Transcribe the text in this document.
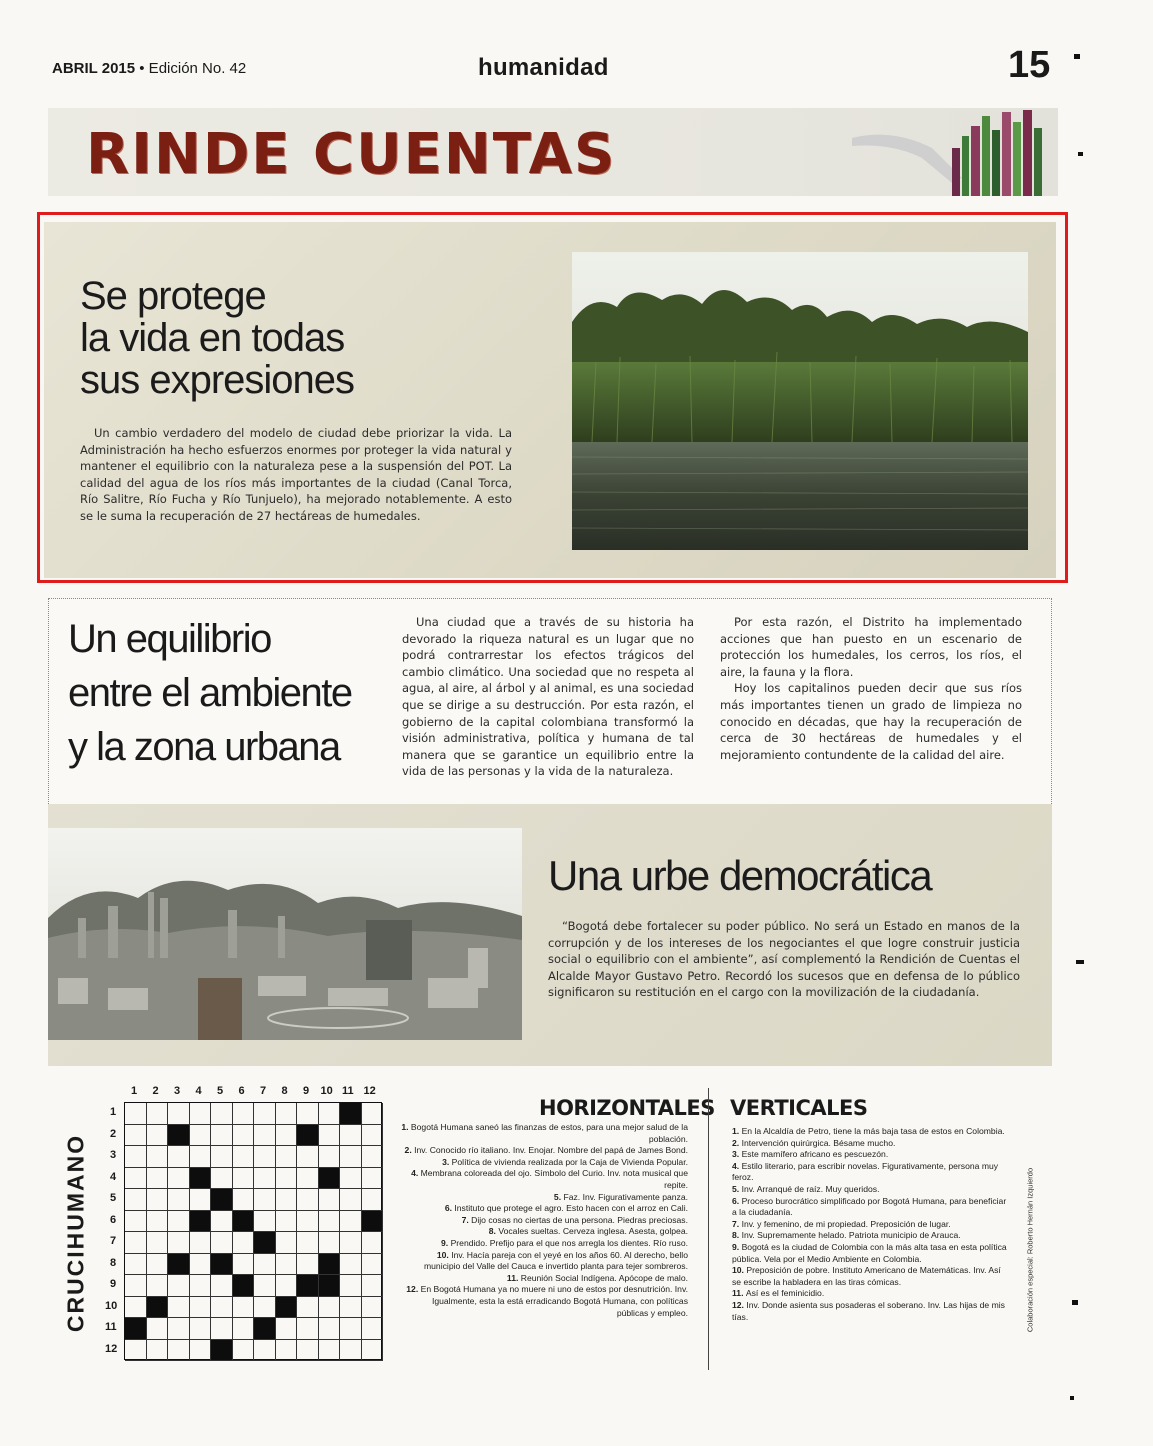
ABRIL 2015 • Edición No. 42	humanidad	15
RINDE CUENTAS
Se protege
la vida en todas
sus expresiones

Un cambio verdadero del modelo de ciudad debe priorizar la vida. La Administración ha hecho esfuerzos enormes por proteger la vida natural y mantener el equilibrio con la naturaleza pese a la suspensión del POT. La calidad del agua de los ríos más importantes de la ciudad (Canal Torca, Río Salitre, Río Fucha y Río Tunjuelo), ha mejorado notablemente. A esto se le suma la recuperación de 27 hectáreas de humedales.

Un equilibrio
entre el ambiente
y la zona urbana

Una ciudad que a través de su historia ha devorado la riqueza natural es un lugar que no podrá contrarrestar los efectos trágicos del cambio climático. Una sociedad que no respeta al agua, al aire, al árbol y al animal, es una sociedad que se dirige a su destrucción. Por esta razón, el gobierno de la capital colombiana transformó la visión administrativa, política y humana de tal manera que se garantice un equilibrio entre la vida de las personas y la vida de la naturaleza.

Por esta razón, el Distrito ha implementado acciones que han puesto en un escenario de protección los humedales, los cerros, los ríos, el aire, la fauna y la flora.

Hoy los capitalinos pueden decir que sus ríos más importantes tienen un grado de limpieza no conocido en décadas, que hay la recuperación de cerca de 30 hectáreas de humedales y el mejoramiento contundente de la calidad del aire.

Una urbe democrática

“Bogotá debe fortalecer su poder público. No será un Estado en manos de la corrupción y de los intereses de los negociantes el que logre construir justicia social o equilibrio con el ambiente”, así complementó la Rendición de Cuentas el Alcalde Mayor Gustavo Petro. Recordó los sucesos que en defensa de lo público significaron su restitución en el cargo con la movilización de la ciudadanía.

CRUCIHUMANO
1 2 3 4 5 6 7 8 9 10 11 12
1
2
3
4
5
6
7
8
9
10
11
12
HORIZONTALES
1. Bogotá Humana saneó las finanzas de estos, para una mejor salud de la población.
2. Inv. Conocido río italiano. Inv. Enojar. Nombre del papá de James Bond.
3. Política de vivienda realizada por la Caja de Vivienda Popular.
4. Membrana coloreada del ojo. Símbolo del Curio. Inv. nota musical que repite.
5. Faz. Inv. Figurativamente panza.
6. Instituto que protege el agro. Esto hacen con el arroz en Cali.
7. Dijo cosas no ciertas de una persona. Piedras preciosas.
8. Vocales sueltas. Cerveza inglesa. Asesta, golpea.
9. Prendido. Prefijo para el que nos arregla los dientes. Río ruso.
10. Inv. Hacía pareja con el yeyé en los años 60. Al derecho, bello municipio del Valle del Cauca e invertido planta para tejer sombreros.
11. Reunión Social Indígena. Apócope de malo.
12. En Bogotá Humana ya no muere ni uno de estos por desnutrición. Inv. Igualmente, esta la está erradicando Bogotá Humana, con políticas públicas y empleo.
VERTICALES
1. En la Alcaldía de Petro, tiene la más baja tasa de estos en Colombia.
2. Intervención quirúrgica. Bésame mucho.
3. Este mamífero africano es pescuezón.
4. Estilo literario, para escribir novelas. Figurativamente, persona muy feroz.
5. Inv. Arranqué de raíz. Muy queridos.
6. Proceso burocrático simplificado por Bogotá Humana, para beneficiar a la ciudadanía.
7. Inv. y femenino, de mi propiedad. Preposición de lugar.
8. Inv. Supremamente helado. Patriota municipio de Arauca.
9. Bogotá es la ciudad de Colombia con la más alta tasa en esta política pública. Vela por el Medio Ambiente en Colombia.
10. Preposición de pobre. Instituto Americano de Matemáticas. Inv. Así se escribe la habladera en las tiras cómicas.
11. Así es el feminicidio.
12. Inv. Donde asienta sus posaderas el soberano. Inv. Las hijas de mis tías.	Colaboración especial: Roberto Hernán Izquierdo
